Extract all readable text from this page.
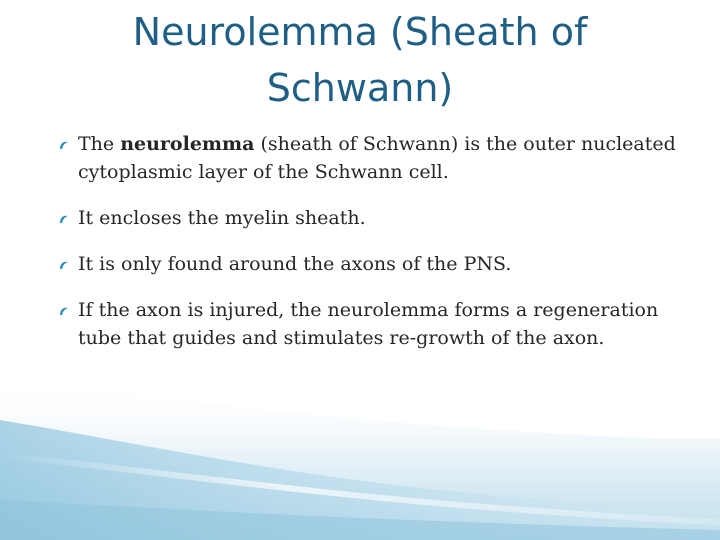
Neurolemma (Sheath of Schwann)
The neurolemma (sheath of Schwann) is the outer nucleated cytoplasmic layer of the Schwann cell.
It encloses the myelin sheath.
It is only found around the axons of the PNS.
If the axon is injured, the neurolemma forms a regeneration tube that guides and stimulates re-growth of the axon.
